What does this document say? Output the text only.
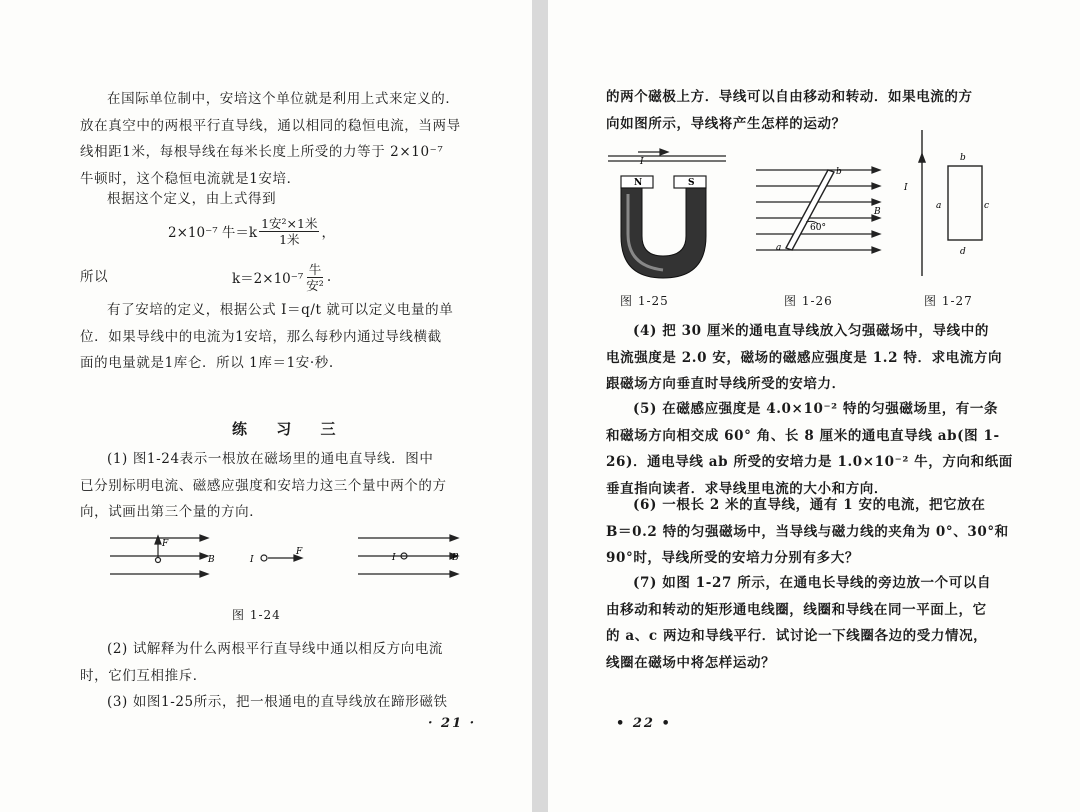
在国际单位制中，安培这个单位就是利用上式来定义的．
放在真空中的两根平行直导线，通以相同的稳恒电流，当两导
线相距1米，每根导线在每米长度上所受的力等于 2×10⁻⁷
牛顿时，这个稳恒电流就是1安培．
根据这个定义，由上式得到
2×10⁻⁷ 牛＝k
1安²×1米
1米 ，
所以	k＝2×10⁻⁷
牛
安² .
有了安培的定义，根据公式 I＝q/t 就可以定义电量的单
位．如果导线中的电流为1安培，那么每秒内通过导线横截
面的电量就是1库仑．所以 1库＝1安·秒.
练 习 三
(1) 图1-24表示一根放在磁场里的通电直导线．图中
已分别标明电流、磁感应强度和安培力这三个量中两个的方
向，试画出第三个量的方向．
F
B	I
F
I	B
图 1-24
(2) 试解释为什么两根平行直导线中通以相反方向电流
时，它们互相推斥．
(3) 如图1-25所示，把一根通电的直导线放在蹄形磁铁
· 21 ·
的两个磁极上方．导线可以自由移动和转动．如果电流的方
向如图所示，导线将产生怎样的运动？
I
N	S
b
a
60°
B
I
a
b
c
d
图 1-25	图 1-26	图 1-27
(4) 把 30 厘米的通电直导线放入匀强磁场中，导线中的
电流强度是 2.0 安，磁场的磁感应强度是 1.2 特．求电流方向
跟磁场方向垂直时导线所受的安培力．
(5) 在磁感应强度是 4.0×10⁻² 特的匀强磁场里，有一条
和磁场方向相交成 60° 角、长 8 厘米的通电直导线 ab(图 1-
26)．通电导线 ab 所受的安培力是 1.0×10⁻² 牛，方向和纸面
垂直指向读者．求导线里电流的大小和方向．
(6) 一根长 2 米的直导线，通有 1 安的电流，把它放在
B＝0.2 特的匀强磁场中，当导线与磁力线的夹角为 0°、30°和
90°时，导线所受的安培力分别有多大？
(7) 如图 1-27 所示，在通电长导线的旁边放一个可以自
由移动和转动的矩形通电线圈，线圈和导线在同一平面上，它
的 a、c 两边和导线平行．试讨论一下线圈各边的受力情况，
线圈在磁场中将怎样运动？
• 22 •
